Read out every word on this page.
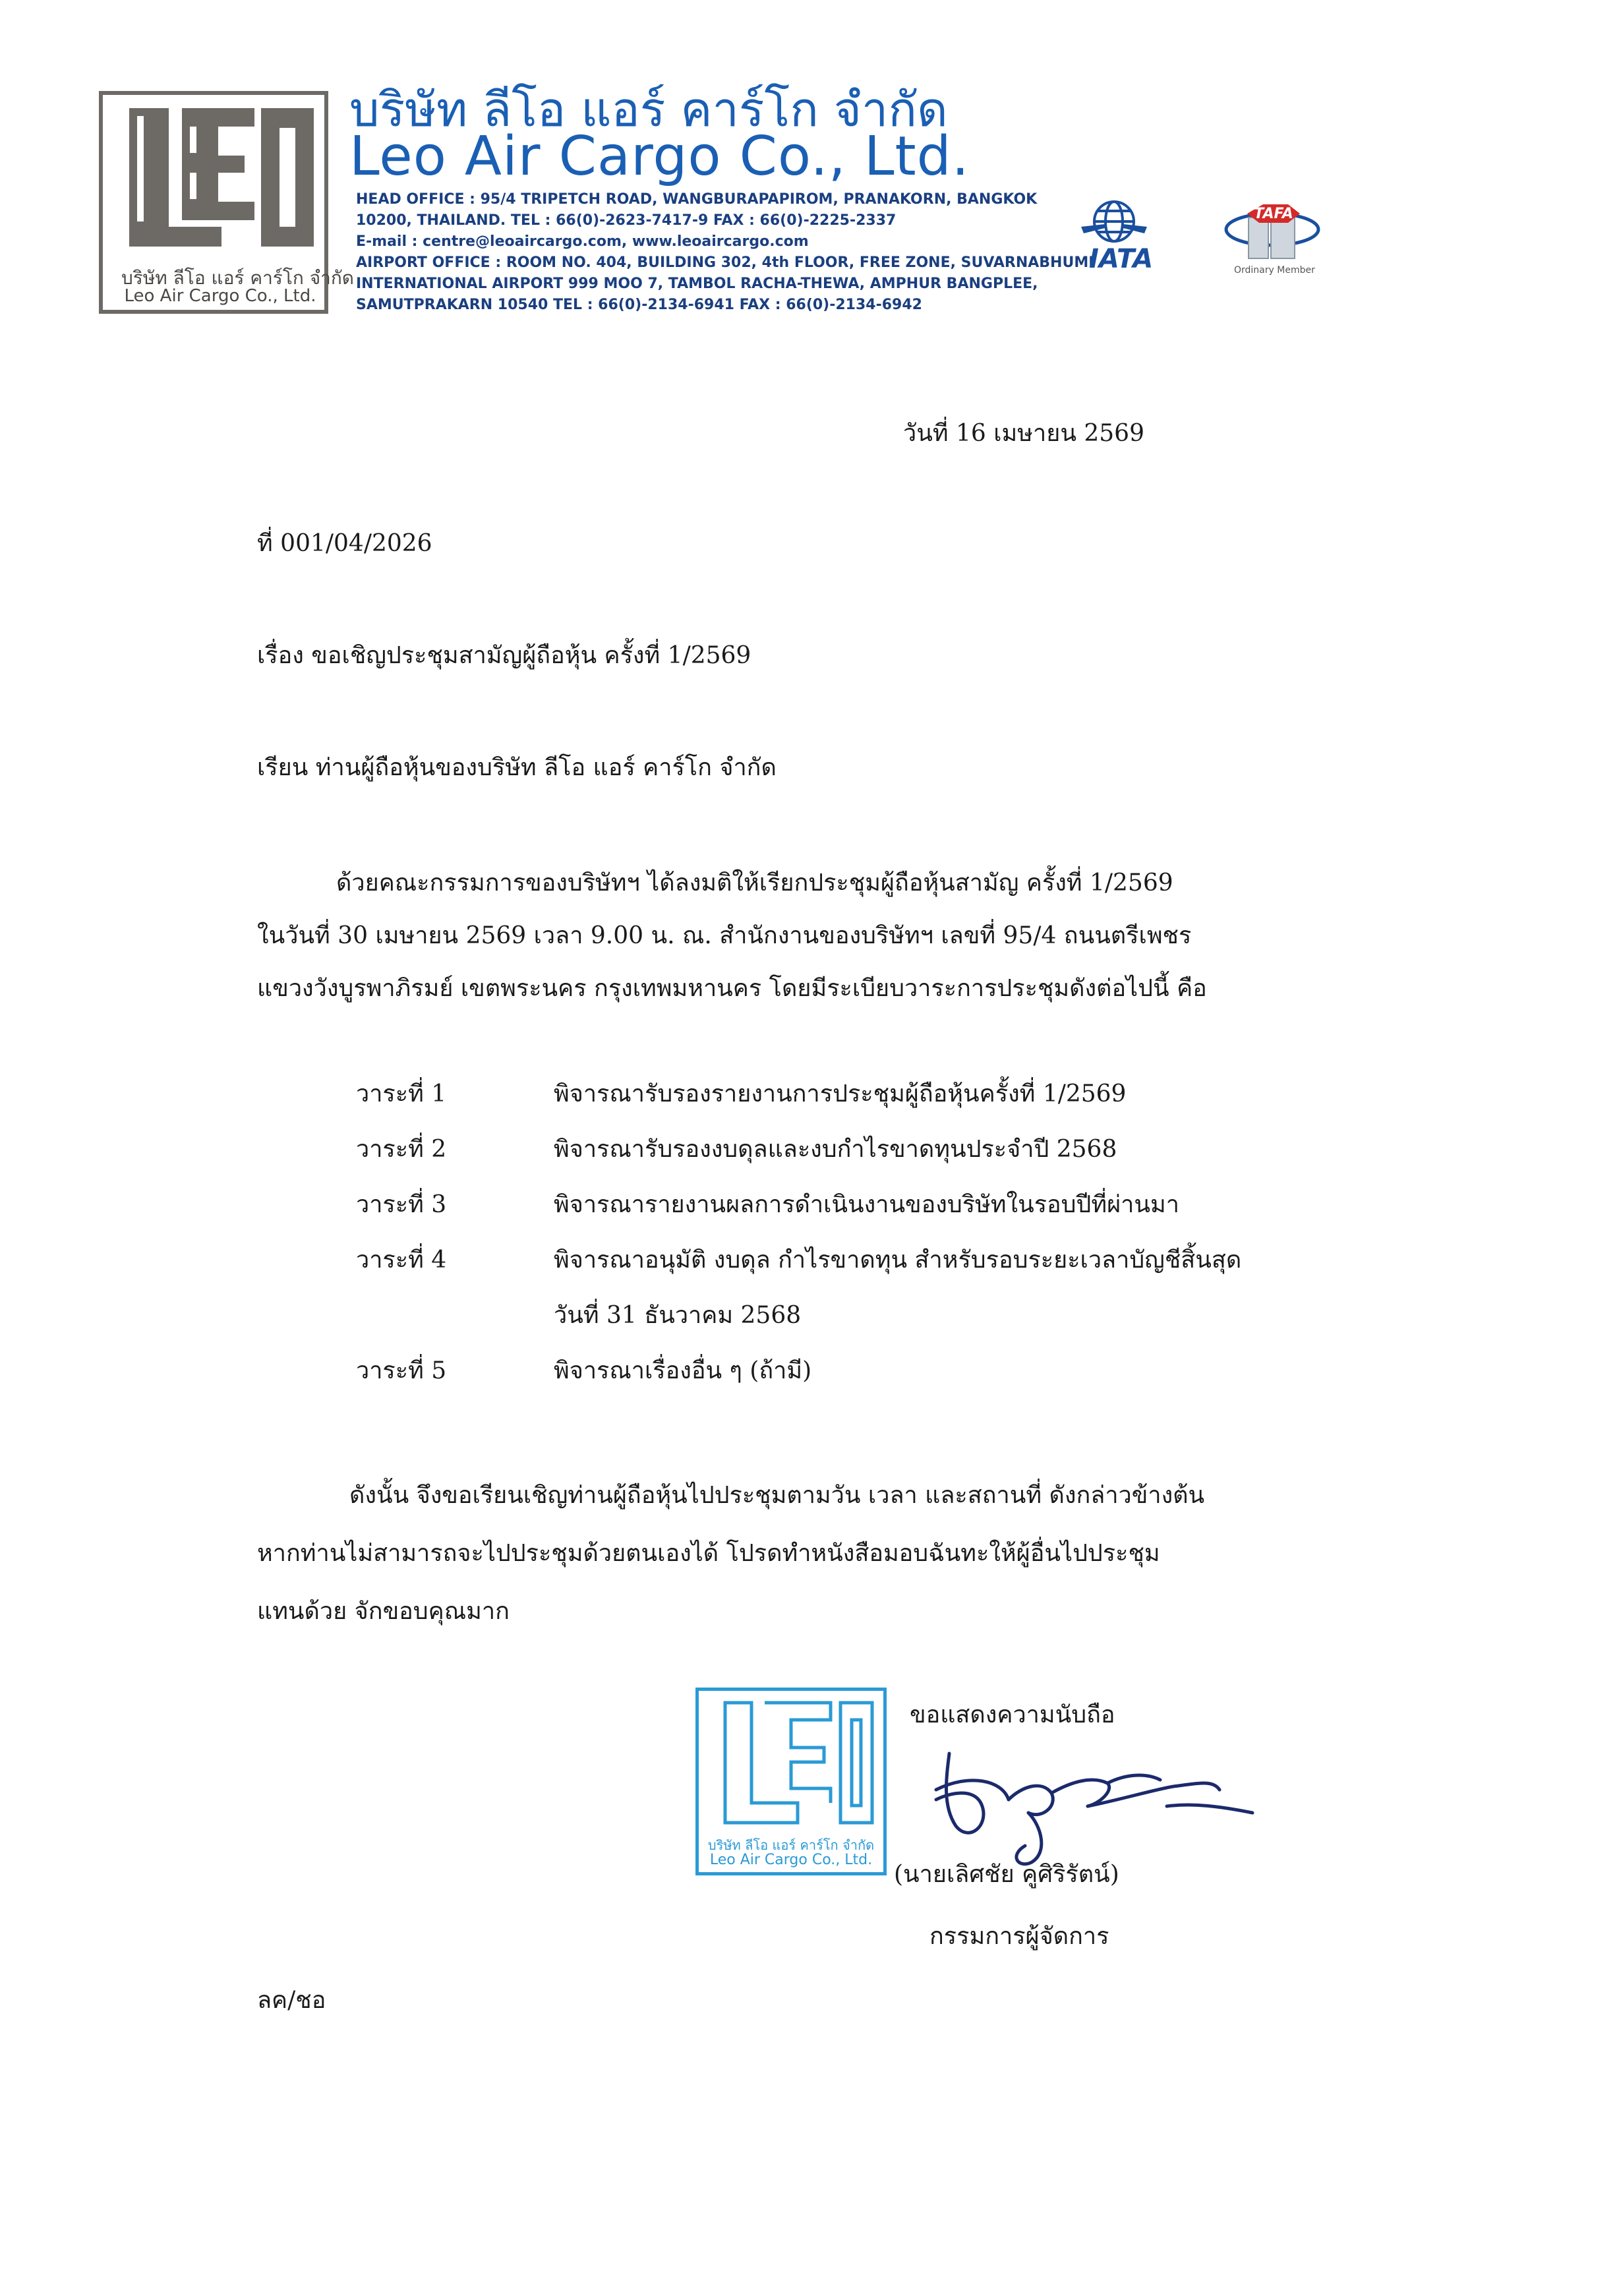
บริษัท ลีโอ แอร์ คาร์โก จำกัด
Leo Air Cargo Co., Ltd.
บริษัท ลีโอ แอร์ คาร์โก จำกัด
Leo Air Cargo Co., Ltd.
HEAD OFFICE : 95/4 TRIPETCH ROAD, WANGBURAPAPIROM, PRANAKORN, BANGKOK
10200, THAILAND. TEL : 66(0)-2623-7417-9 FAX : 66(0)-2225-2337
E-mail : centre@leoaircargo.com, www.leoaircargo.com
AIRPORT OFFICE : ROOM NO. 404, BUILDING 302, 4th FLOOR, FREE ZONE, SUVARNABHUMI
INTERNATIONAL AIRPORT 999 MOO 7, TAMBOL RACHA-THEWA, AMPHUR BANGPLEE,
SAMUTPRAKARN 10540 TEL : 66(0)-2134-6941 FAX : 66(0)-2134-6942
IATA
TAFA
Ordinary Member
วันที่ 16 เมษายน 2569
ที่ 001/04/2026
เรื่อง ขอเชิญประชุมสามัญผู้ถือหุ้น ครั้งที่ 1/2569
เรียน ท่านผู้ถือหุ้นของบริษัท ลีโอ แอร์ คาร์โก จำกัด
ด้วยคณะกรรมการของบริษัทฯ ได้ลงมติให้เรียกประชุมผู้ถือหุ้นสามัญ ครั้งที่ 1/2569
ในวันที่ 30 เมษายน 2569 เวลา 9.00 น. ณ. สำนักงานของบริษัทฯ เลขที่ 95/4 ถนนตรีเพชร
แขวงวังบูรพาภิรมย์ เขตพระนคร กรุงเทพมหานคร โดยมีระเบียบวาระการประชุมดังต่อไปนี้ คือ
วาระที่ 1	พิจารณารับรองรายงานการประชุมผู้ถือหุ้นครั้งที่ 1/2569
วาระที่ 2	พิจารณารับรองงบดุลและงบกำไรขาดทุนประจำปี 2568
วาระที่ 3	พิจารณารายงานผลการดำเนินงานของบริษัทในรอบปีที่ผ่านมา
วาระที่ 4	พิจารณาอนุมัติ งบดุล กำไรขาดทุน สำหรับรอบระยะเวลาบัญชีสิ้นสุด
วันที่ 31 ธันวาคม 2568
วาระที่ 5	พิจารณาเรื่องอื่น ๆ (ถ้ามี)
ดังนั้น จึงขอเรียนเชิญท่านผู้ถือหุ้นไปประชุมตามวัน เวลา และสถานที่ ดังกล่าวข้างต้น
หากท่านไม่สามารถจะไปประชุมด้วยตนเองได้ โปรดทำหนังสือมอบฉันทะให้ผู้อื่นไปประชุม
แทนด้วย จักขอบคุณมาก
บริษัท ลีโอ แอร์ คาร์โก จำกัด
Leo Air Cargo Co., Ltd.
ขอแสดงความนับถือ
(นายเลิศชัย คูศิริรัตน์)
กรรมการผู้จัดการ
ลค/ชอ
